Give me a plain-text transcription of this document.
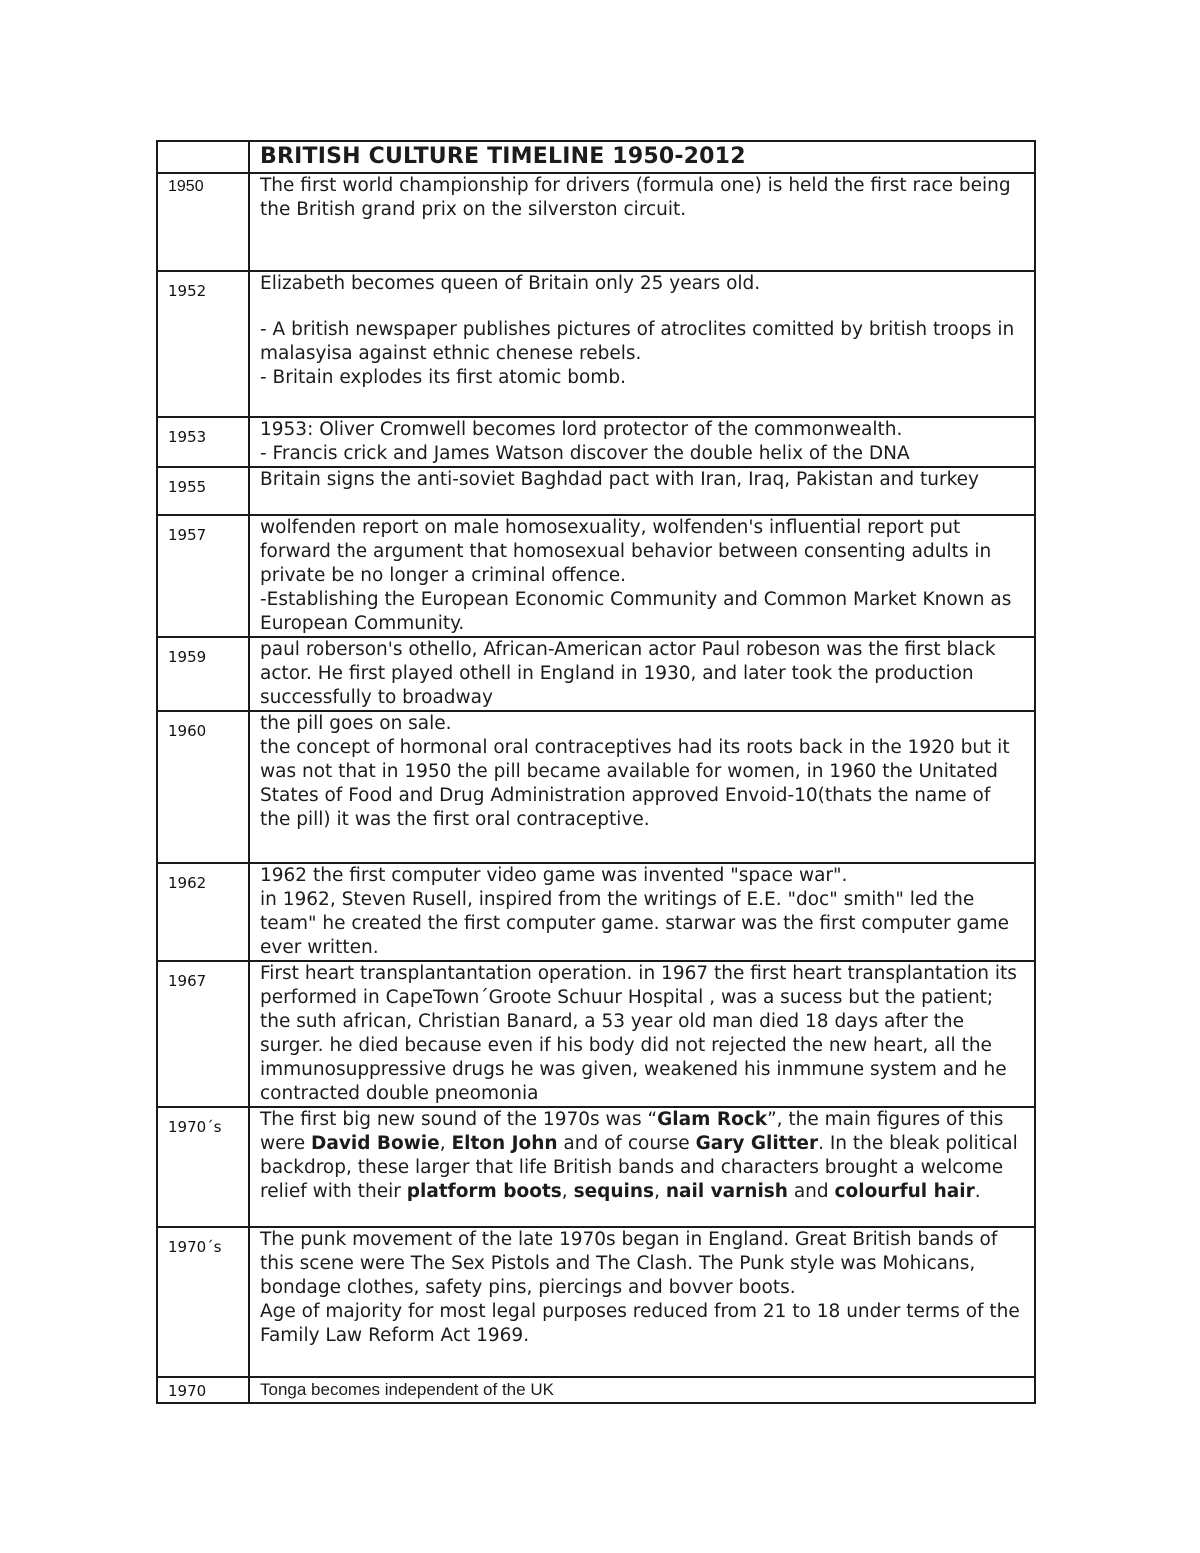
	BRITISH CULTURE TIMELINE 1950-2012

1950	The first world championship for drivers (formula one) is held the first race being the British grand prix on the silverston circuit.

1952	Elizabeth becomes queen of Britain only 25 years old.

- A british newspaper publishes pictures of atroclites comitted by british troops in malasyisa against ethnic chenese rebels.

- Britain explodes its first atomic bomb.

1953	1953: Oliver Cromwell becomes lord protector of the commonwealth.

- Francis crick and James Watson discover the double helix of the DNA

1955	Britain signs the anti-soviet Baghdad pact with Iran, Iraq, Pakistan and turkey

1957	wolfenden report on male homosexuality, wolfenden's influential report put forward the argument that homosexual behavior between consenting adults in private be no longer a criminal offence.

-Establishing the European Economic Community and Common Market Known as European Community.

1959	paul roberson's othello, African-American actor Paul robeson was the first black actor. He first played othell in England in 1930, and later took the production successfully to broadway

1960	the pill goes on sale.

the concept of hormonal oral contraceptives had its roots back in the 1920 but it was not that in 1950 the pill became available for women, in 1960 the Unitated States of Food and Drug Administration approved Envoid-10(thats the name of the pill) it was the first oral contraceptive.

1962	1962 the first computer video game was invented "space war".

in 1962, Steven Rusell, inspired from the writings of E.E. "doc" smith" led the team" he created the first computer game. starwar was the first computer game ever written.

1967	First heart transplantantation operation. in 1967 the first heart transplantation its performed in CapeTown´Groote Schuur Hospital , was a sucess but the patient; the suth african, Christian Banard, a 53 year old man died 18 days after the surger. he died because even if his body did not rejected the new heart, all the immunosuppressive drugs he was given, weakened his inmmune system and he contracted double pneomonia

1970´s	The first big new sound of the 1970s was “Glam Rock”, the main figures of this were David Bowie, Elton John and of course Gary Glitter. In the bleak political backdrop, these larger that life British bands and characters brought a welcome relief with their platform boots, sequins, nail varnish and colourful hair.

1970´s	The punk movement of the late 1970s began in England. Great British bands of this scene were The Sex Pistols and The Clash. The Punk style was Mohicans, bondage clothes, safety pins, piercings and bovver boots.

Age of majority for most legal purposes reduced from 21 to 18 under terms of the Family Law Reform Act 1969.

1970	Tonga becomes independent of the UK
